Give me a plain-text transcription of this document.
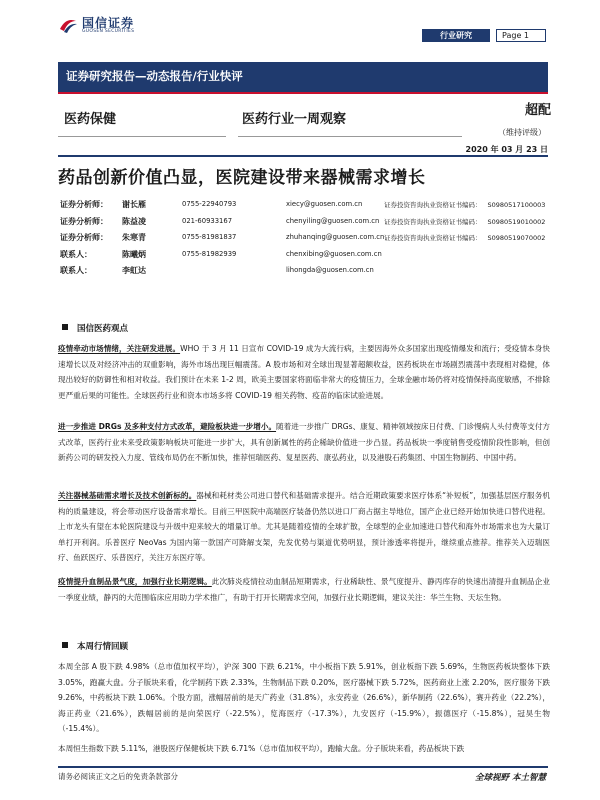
国信证券
GUOSEN SECURITIES	行业研究	Page 1
证券研究报告—动态报告/行业快评
医药保健	医药行业一周观察
超配
（维持评级）
2020 年 03 月 23 日
药品创新价值凸显，医院建设带来器械需求增长
证券分析师： 谢长雁	0755-22940793	xiecy@guosen.com.cn	证券投资咨询执业资格证书编码： S0980517100003
证券分析师： 陈益凌	021-60933167	chenyiling@guosen.com.cn 证券投资咨询执业资格证书编码： S0980519010002
证券分析师： 朱寒青	0755-81981837	zhuhanqing@guosen.com.cn 证券投资咨询执业资格证书编码： S0980519070002
联系人：	陈曦炳	0755-81982939	chenxibing@guosen.com.cn
联系人：	李虹达	lihongda@guosen.com.cn
国信医药观点
疫情牵动市场情绪，关注研发进展。WHO 于 3 月 11 日宣布 COVID-19 成为大流行病，主要因海外众多国家出现疫情爆发和流行；受疫情本身快速增长以及对经济冲击的双重影响，海外市场出现巨幅震荡。A 股市场和对全球出现显著超额收益，医药板块在市场剧烈震荡中表现相对稳健，体现出较好的防御性和相对收益。我们预计在未来 1-2 周，欧美主要国家将面临非常大的疫情压力，全球金融市场仍将对疫情保持高度敏感，不排除更严重后果的可能性。全球医药行业和资本市场多将 COVID-19 相关药物、疫苗的临床试验进展。
进一步推进 DRGs 及多种支付方式改革，避险板块进一步增小。随着进一步推广 DRGs、康复、精神领域按床日付费、门诊慢病人头付费等支付方式改革，医药行业未来受政策影响板块可能进一步扩大，具有创新属性的药企稀缺价值进一步凸显。药品板块一季度销售受疫情阶段性影响，但创新药公司的研发投入力度、管线布局仍在不断加快，推荐恒瑞医药、复星医药、康弘药业，以及港股石药集团、中国生物制药、中国中药。
关注器械基础需求增长及技术创新标的。器械和耗材类公司进口替代和基础需求提升。结合近期政策要求医疗体系“补短板”，加强基层医疗服务机构的质量建设，将会带动医疗设备需求增长。目前三甲医院中高端医疗装备仍然以进口厂商占据主导地位，国产企业已经开始加快进口替代进程。上市龙头有望在本轮医院建设与升级中迎来较大的增量订单。尤其是随着疫情的全球扩散，全球型的企业加速进口替代和海外市场需求也为大量订单打开利润。乐普医疗 NeoVas 为国内第一款国产可降解支架，先发优势与渠道优势明显，预计渗透率将提升，继续重点推荐。推荐关入迈瑞医疗、鱼跃医疗、乐普医疗，关注万东医疗等。
疫情提升血制品景气度，加强行业长期逻辑。此次肺炎疫情拉动血制品短期需求，行业稀缺性、景气度提升、静丙库存的快速出清提升血制品企业一季度业绩，静丙的大范围临床应用助力学术推广，有助于打开长期需求空间，加强行业长期逻辑，建议关注：华兰生物、天坛生物。
本周行情回顾
本周全部 A 股下跌 4.98%（总市值加权平均），沪深 300 下跌 6.21%，中小板指下跌 5.91%，创业板指下跌 5.69%，生物医药板块整体下跌 3.05%，跑赢大盘。分子版块来看，化学制药下跌 2.33%，生物制品下跌 0.20%，医疗器械下跌 5.72%，医药商业上涨 2.20%，医疗服务下跌 9.26%，中药板块下跌 1.06%。个股方面，涨幅居前的是天广药业（31.8%），永安药业（26.6%），新华制药（22.6%），赛升药业（22.2%），海正药业（21.6%），跌幅居前的是向荣医疗（-22.5%），览海医疗（-17.3%），九安医疗（-15.9%），振德医疗（-15.8%），冠昊生物（-15.4%）。
本周恒生指数下跌 5.11%，港股医疗保健板块下跌 6.71%（总市值加权平均），跑输大盘。分子版块来看，药品板块下跌
请务必阅读正文之后的免责条款部分	全球视野 本土智慧
